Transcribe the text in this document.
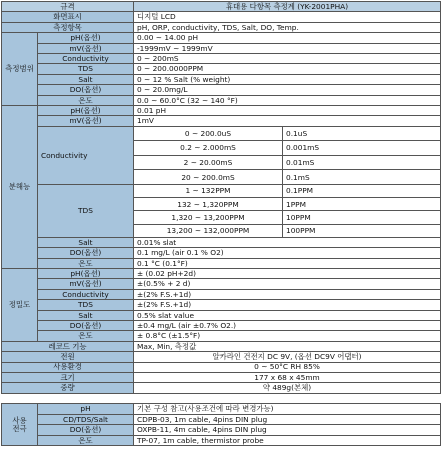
규격		휴대용 다항목 측정계 (YK-2001PHA)	
화면표시		디지털 LCD	
측정항목		pH, ORP, conductivity, TDS, Salt, DO, Temp.	
측정범위	pH(옵션)	0.00 ~ 14.00 pH	
	mV(옵션)	-1999mV ~ 1999mV	
	Conductivity	0 ~ 200mS	
	TDS	0 ~ 200.0000PPM	
	Salt	0 ~ 12 % Salt (% weight)	
	DO(옵션)	0 ~ 20.0mg/L	
	온도	0.0 ~ 60.0°C (32 ~ 140 °F)	
분해능	pH(옵션)	0.01 pH	
	mV(옵션)	1mV	
	Conductivity	0 ~ 200.0uS	0.1uS
		0.2 ~ 2.000mS	0.001mS
		2 ~ 20.00mS	0.01mS
		20 ~ 200.0mS	0.1mS
	TDS	1 ~ 132PPM	0.1PPM
		132 ~ 1,320PPM	1PPM
		1,320 ~ 13,200PPM	10PPM
		13,200 ~ 132,000PPM	100PPM
	Salt	0.01% slat	
	DO(옵션)	0.1 mg/L (air 0.1 % O2)	
	온도	0.1 °C (0.1°F)	
정밀도	pH(옵션)	± (0.02 pH+2d)	
	mV(옵션)	±(0.5% + 2 d)	
	Conductivity	±(2% F.S.+1d)	
	TDS	±(2% F.S.+1d)	
	Salt	0.5% slat value	
	DO(옵션)	±0.4 mg/L (air ±0.7% O2.)	
	온도	± 0.8°C (±1.5°F)	
레코드 기능		Max, Min, 측정값	
전원		알카라인 건전지 DC 9V, (옵션 DC9V 어댑터)	
사용환경		0 ~ 50°C RH 85%	
크기		177 x 68 x 45mm	
중량		약 489g(본체)	
사용
전극	pH	기본 구성 참고(사용조건에 따라 변경가능)
	CD/TDS/Salt	CDPB-03, 1m cable, 4pins DIN plug
	DO(옵션)	OXPB-11, 4m cable, 4pins DIN plug
	온도	TP-07, 1m cable, thermistor probe
